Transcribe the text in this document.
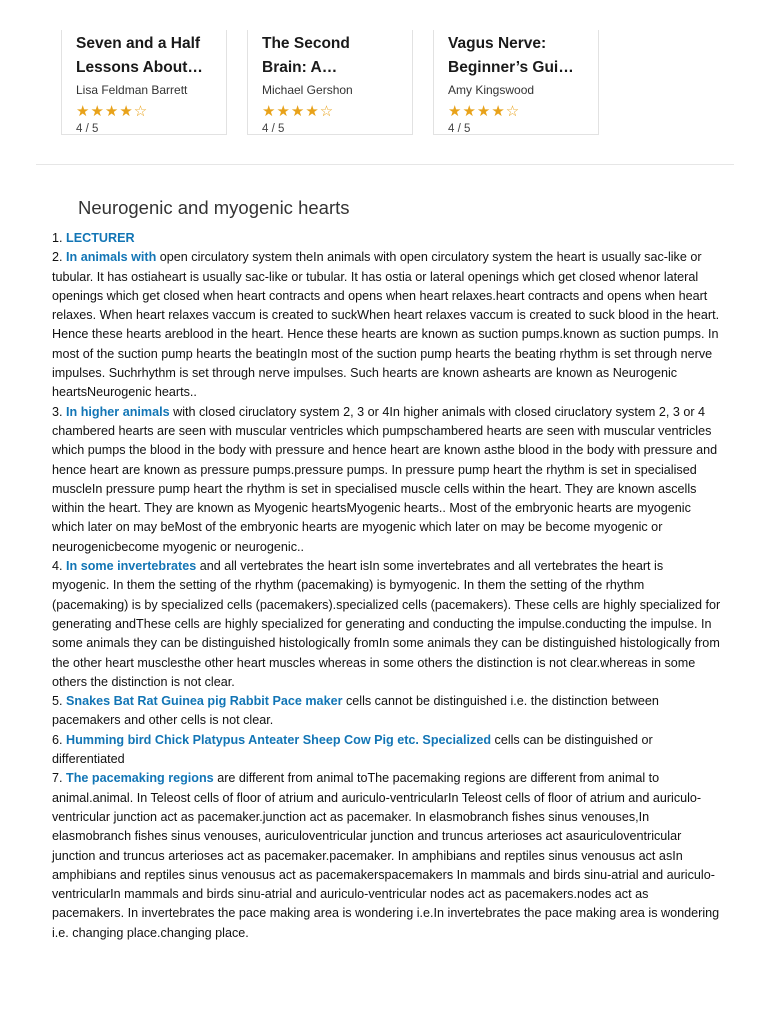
Seven and a Half
Lessons About…
Lisa Feldman Barrett
★★★★☆
4 / 5
The Second
Brain: A…
Michael Gershon
★★★★☆
4 / 5
Vagus Nerve:
Beginner’s Gui…
Amy Kingswood
★★★★☆
4 / 5
Neurogenic and myogenic hearts

1. LECTURER

2. In animals with open circulatory system theIn animals with open circulatory system the heart is usually sac-like or tubular. It has ostiaheart is usually sac-like or tubular. It has ostia or lateral openings which get closed whenor lateral openings which get closed when heart contracts and opens when heart relaxes.heart contracts and opens when heart relaxes. When heart relaxes vaccum is created to suckWhen heart relaxes vaccum is created to suck blood in the heart. Hence these hearts areblood in the heart. Hence these hearts are known as suction pumps.known as suction pumps. In most of the suction pump hearts the beatingIn most of the suction pump hearts the beating rhythm is set through nerve impulses. Suchrhythm is set through nerve impulses. Such hearts are known ashearts are known as Neurogenic heartsNeurogenic hearts..

3. In higher animals with closed ciruclatory system 2, 3 or 4In higher animals with closed ciruclatory system 2, 3 or 4 chambered hearts are seen with muscular ventricles which pumpschambered hearts are seen with muscular ventricles which pumps the blood in the body with pressure and hence heart are known asthe blood in the body with pressure and hence heart are known as pressure pumps.pressure pumps. In pressure pump heart the rhythm is set in specialised muscleIn pressure pump heart the rhythm is set in specialised muscle cells within the heart. They are known ascells within the heart. They are known as Myogenic heartsMyogenic hearts.. Most of the embryonic hearts are myogenic which later on may beMost of the embryonic hearts are myogenic which later on may be become myogenic or neurogenicbecome myogenic or neurogenic..

4. In some invertebrates and all vertebrates the heart isIn some invertebrates and all vertebrates the heart is myogenic. In them the setting of the rhythm (pacemaking) is bymyogenic. In them the setting of the rhythm (pacemaking) is by specialized cells (pacemakers).specialized cells (pacemakers). These cells are highly specialized for generating andThese cells are highly specialized for generating and conducting the impulse.conducting the impulse. In some animals they can be distinguished histologically fromIn some animals they can be distinguished histologically from the other heart musclesthe other heart muscles whereas in some others the distinction is not clear.whereas in some others the distinction is not clear.

5. Snakes Bat Rat Guinea pig Rabbit Pace maker cells cannot be distinguished i.e. the distinction between pacemakers and other cells is not clear.

6. Humming bird Chick Platypus Anteater Sheep Cow Pig etc. Specialized cells can be distinguished or differentiated

7. The pacemaking regions are different from animal toThe pacemaking regions are different from animal to animal.animal. In Teleost cells of floor of atrium and auriculo-ventricularIn Teleost cells of floor of atrium and auriculo-ventricular junction act as pacemaker.junction act as pacemaker. In elasmobranch fishes sinus venouses,In elasmobranch fishes sinus venouses, auriculoventricular junction and truncus arterioses act asauriculoventricular junction and truncus arterioses act as pacemaker.pacemaker. In amphibians and reptiles sinus venousus act asIn amphibians and reptiles sinus venousus act as pacemakerspacemakers In mammals and birds sinu-atrial and auriculo-ventricularIn mammals and birds sinu-atrial and auriculo-ventricular nodes act as pacemakers.nodes act as pacemakers. In invertebrates the pace making area is wondering i.e.In invertebrates the pace making area is wondering i.e. changing place.changing place.
